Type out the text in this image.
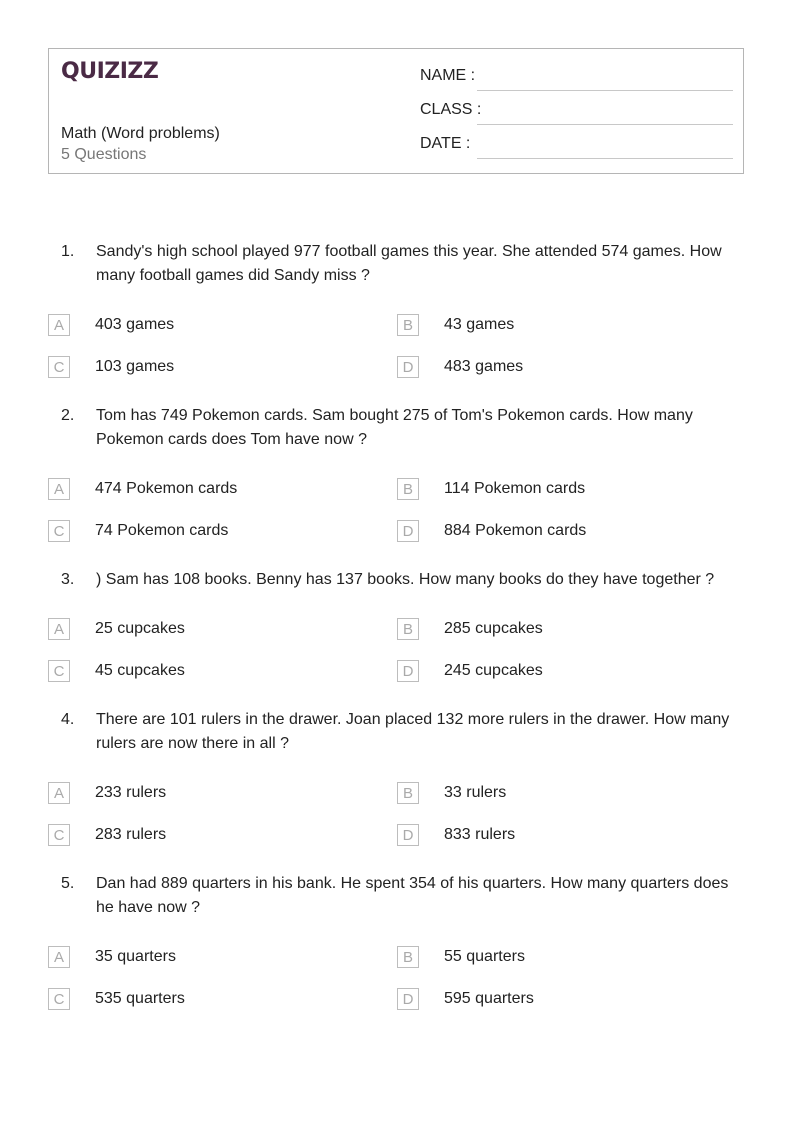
QUIZIZZ
Math (Word problems)
5 Questions
NAME :
CLASS :
DATE :
1.	Sandy's high school played 977 football games this year. She attended 574 games. How many football games did Sandy miss ?
A	403 games	B	43 games
C	103 games	D	483 games
2.	Tom has 749 Pokemon cards. Sam bought 275 of Tom's Pokemon cards. How many Pokemon cards does Tom have now ?
A	474 Pokemon cards	B	114 Pokemon cards
C	74 Pokemon cards	D	884 Pokemon cards
3.	) Sam has 108 books. Benny has 137 books. How many books do they have together ?
A	25 cupcakes	B	285 cupcakes
C	45 cupcakes	D	245 cupcakes
4.	There are 101 rulers in the drawer. Joan placed 132 more rulers in the drawer. How many rulers are now there in all ?
A	233 rulers	B	33 rulers
C	283 rulers	D	833 rulers
5.	Dan had 889 quarters in his bank. He spent 354 of his quarters. How many quarters does he have now ?
A	35 quarters	B	55 quarters
C	535 quarters	D	595 quarters
